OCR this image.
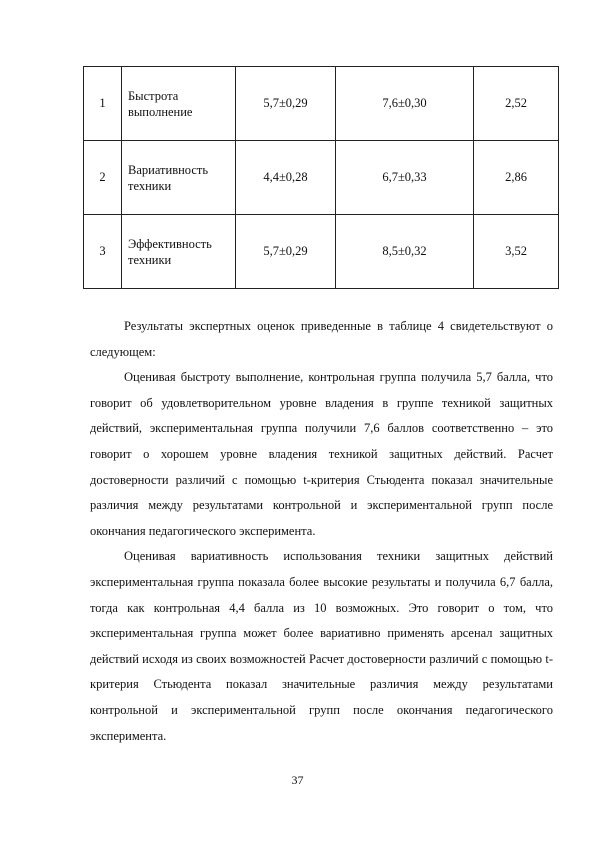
1	Быстрота выполнение	5,7±0,29	7,6±0,30	2,52
2	Вариативность техники	4,4±0,28	6,7±0,33	2,86
3	Эффективность техники	5,7±0,29	8,5±0,32	3,52

Результаты экспертных оценок приведенные в таблице 4 свидетельствуют о следующем:

Оценивая быстроту выполнение, контрольная группа получила 5,7 балла, что говорит об удовлетворительном уровне владения в группе техникой защитных действий, экспериментальная группа получили 7,6 баллов соответственно – это говорит о хорошем уровне владения техникой защитных действий. Расчет достоверности различий с помощью t-критерия Стьюдента показал значительные различия между результатами контрольной и экспериментальной групп после окончания педагогического эксперимента.

Оценивая вариативность использования техники защитных действий экспериментальная группа показала более высокие результаты и получила 6,7 балла, тогда как контрольная 4,4 балла из 10 возможных. Это говорит о том, что экспериментальная группа может более вариативно применять арсенал защитных действий исходя из своих возможностей Расчет достоверности различий с помощью t-критерия Стьюдента показал значительные различия между результатами контрольной и экспериментальной групп после окончания педагогического эксперимента.

37
